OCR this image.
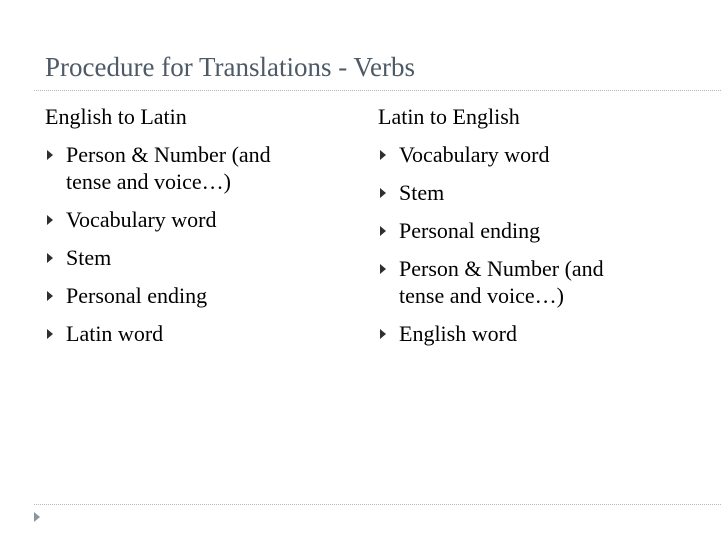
Procedure for Translations - Verbs
English to Latin
Person & Number (and
tense and voice…)
Vocabulary word
Stem
Personal ending
Latin word
Latin to English
Vocabulary word
Stem
Personal ending
Person & Number (and
tense and voice…)
English word
